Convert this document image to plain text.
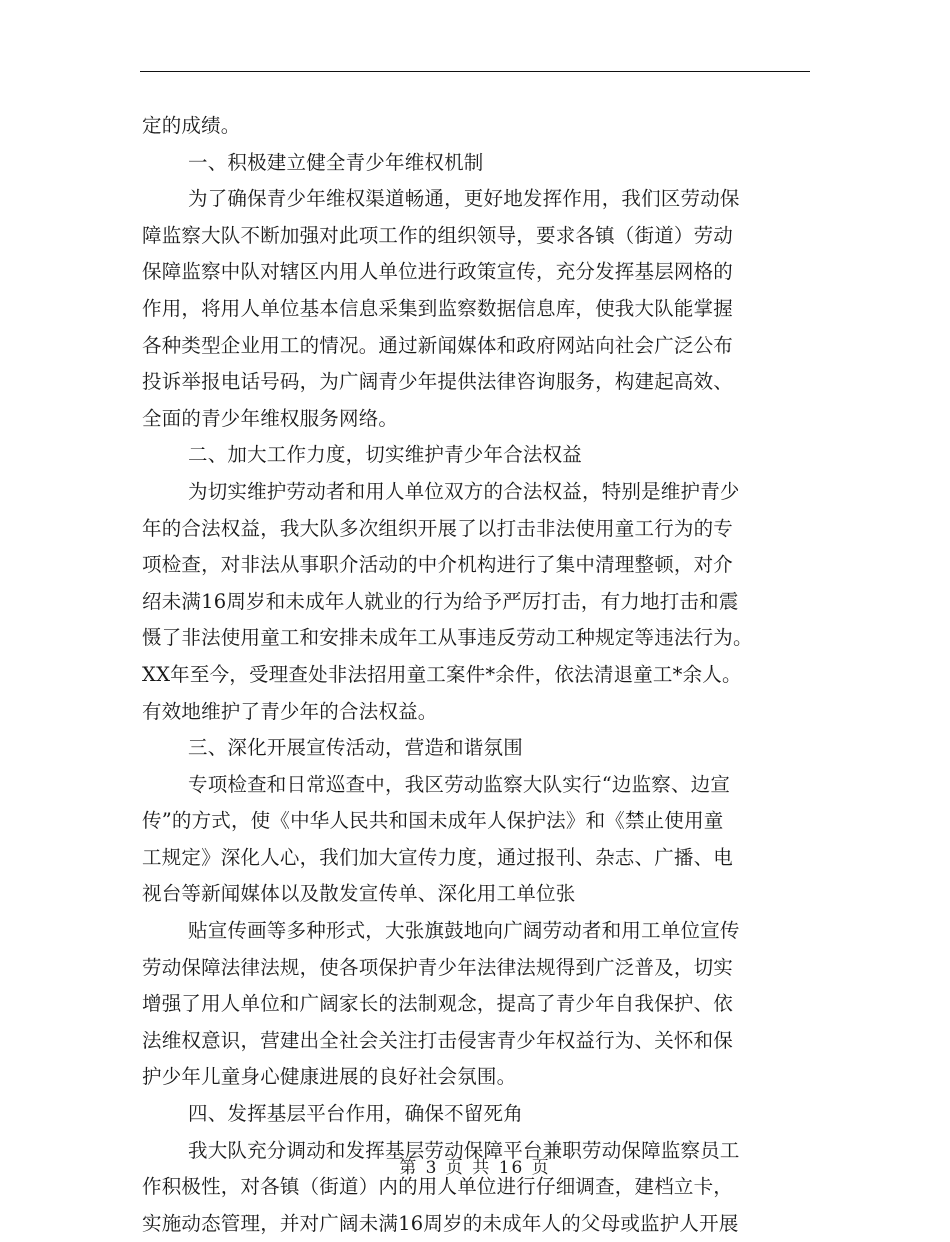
定的成绩。
一、积极建立健全青少年维权机制
为了确保青少年维权渠道畅通，更好地发挥作用，我们区劳动保
障监察大队不断加强对此项工作的组织领导，要求各镇（街道）劳动
保障监察中队对辖区内用人单位进行政策宣传，充分发挥基层网格的
作用，将用人单位基本信息采集到监察数据信息库，使我大队能掌握
各种类型企业用工的情况。通过新闻媒体和政府网站向社会广泛公布
投诉举报电话号码，为广阔青少年提供法律咨询服务，构建起高效、
全面的青少年维权服务网络。
二、加大工作力度，切实维护青少年合法权益
为切实维护劳动者和用人单位双方的合法权益，特别是维护青少
年的合法权益，我大队多次组织开展了以打击非法使用童工行为的专
项检查，对非法从事职介活动的中介机构进行了集中清理整顿，对介
绍未满16周岁和未成年人就业的行为给予严厉打击，有力地打击和震
慑了非法使用童工和安排未成年工从事违反劳动工种规定等违法行为。
XX年至今，受理查处非法招用童工案件*余件，依法清退童工*余人。
有效地维护了青少年的合法权益。
三、深化开展宣传活动，营造和谐氛围
专项检查和日常巡查中，我区劳动监察大队实行“边监察、边宣
传”的方式，使《中华人民共和国未成年人保护法》和《禁止使用童
工规定》深化人心，我们加大宣传力度，通过报刊、杂志、广播、电
视台等新闻媒体以及散发宣传单、深化用工单位张
贴宣传画等多种形式，大张旗鼓地向广阔劳动者和用工单位宣传
劳动保障法律法规，使各项保护青少年法律法规得到广泛普及，切实
增强了用人单位和广阔家长的法制观念，提高了青少年自我保护、依
法维权意识，营建出全社会关注打击侵害青少年权益行为、关怀和保
护少年儿童身心健康进展的良好社会氛围。
四、发挥基层平台作用，确保不留死角
我大队充分调动和发挥基层劳动保障平台兼职劳动保障监察员工
作积极性，对各镇（街道）内的用人单位进行仔细调查，建档立卡，
实施动态管理，并对广阔未满16周岁的未成年人的父母或监护人开展
第 3 页 共 16 页
